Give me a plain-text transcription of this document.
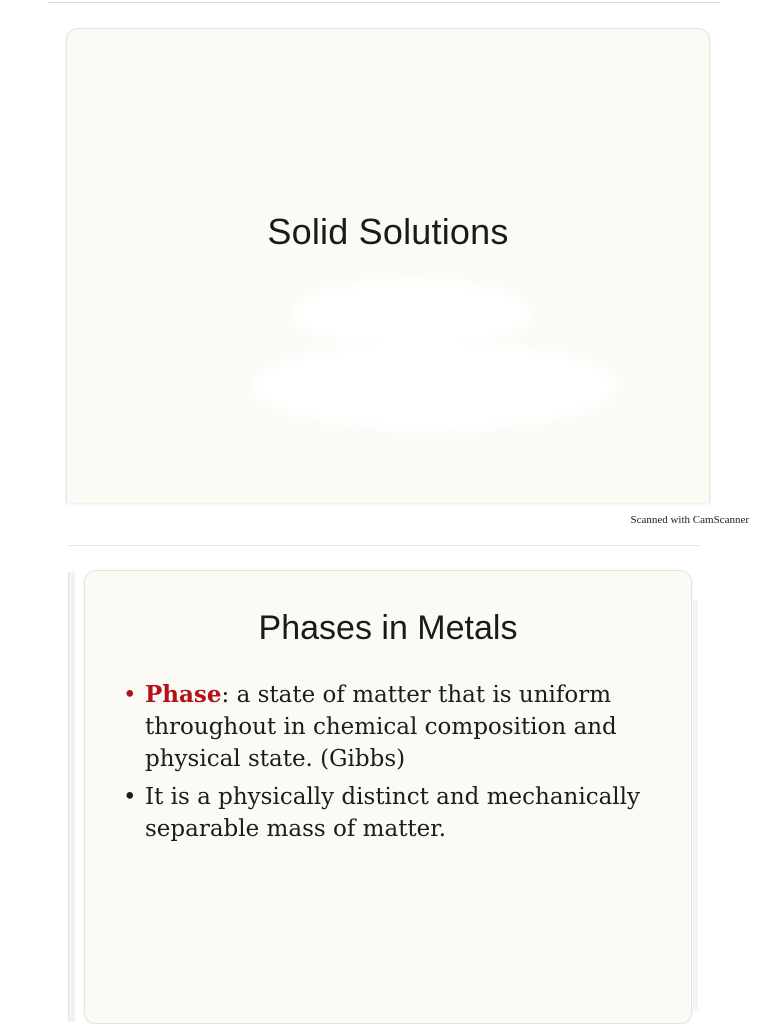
Solid Solutions
Scanned with CamScanner
Phases in Metals
• Phase: a state of matter that is uniform throughout in chemical composition and physical state. (Gibbs)
• It is a physically distinct and mechanically separable mass of matter.
